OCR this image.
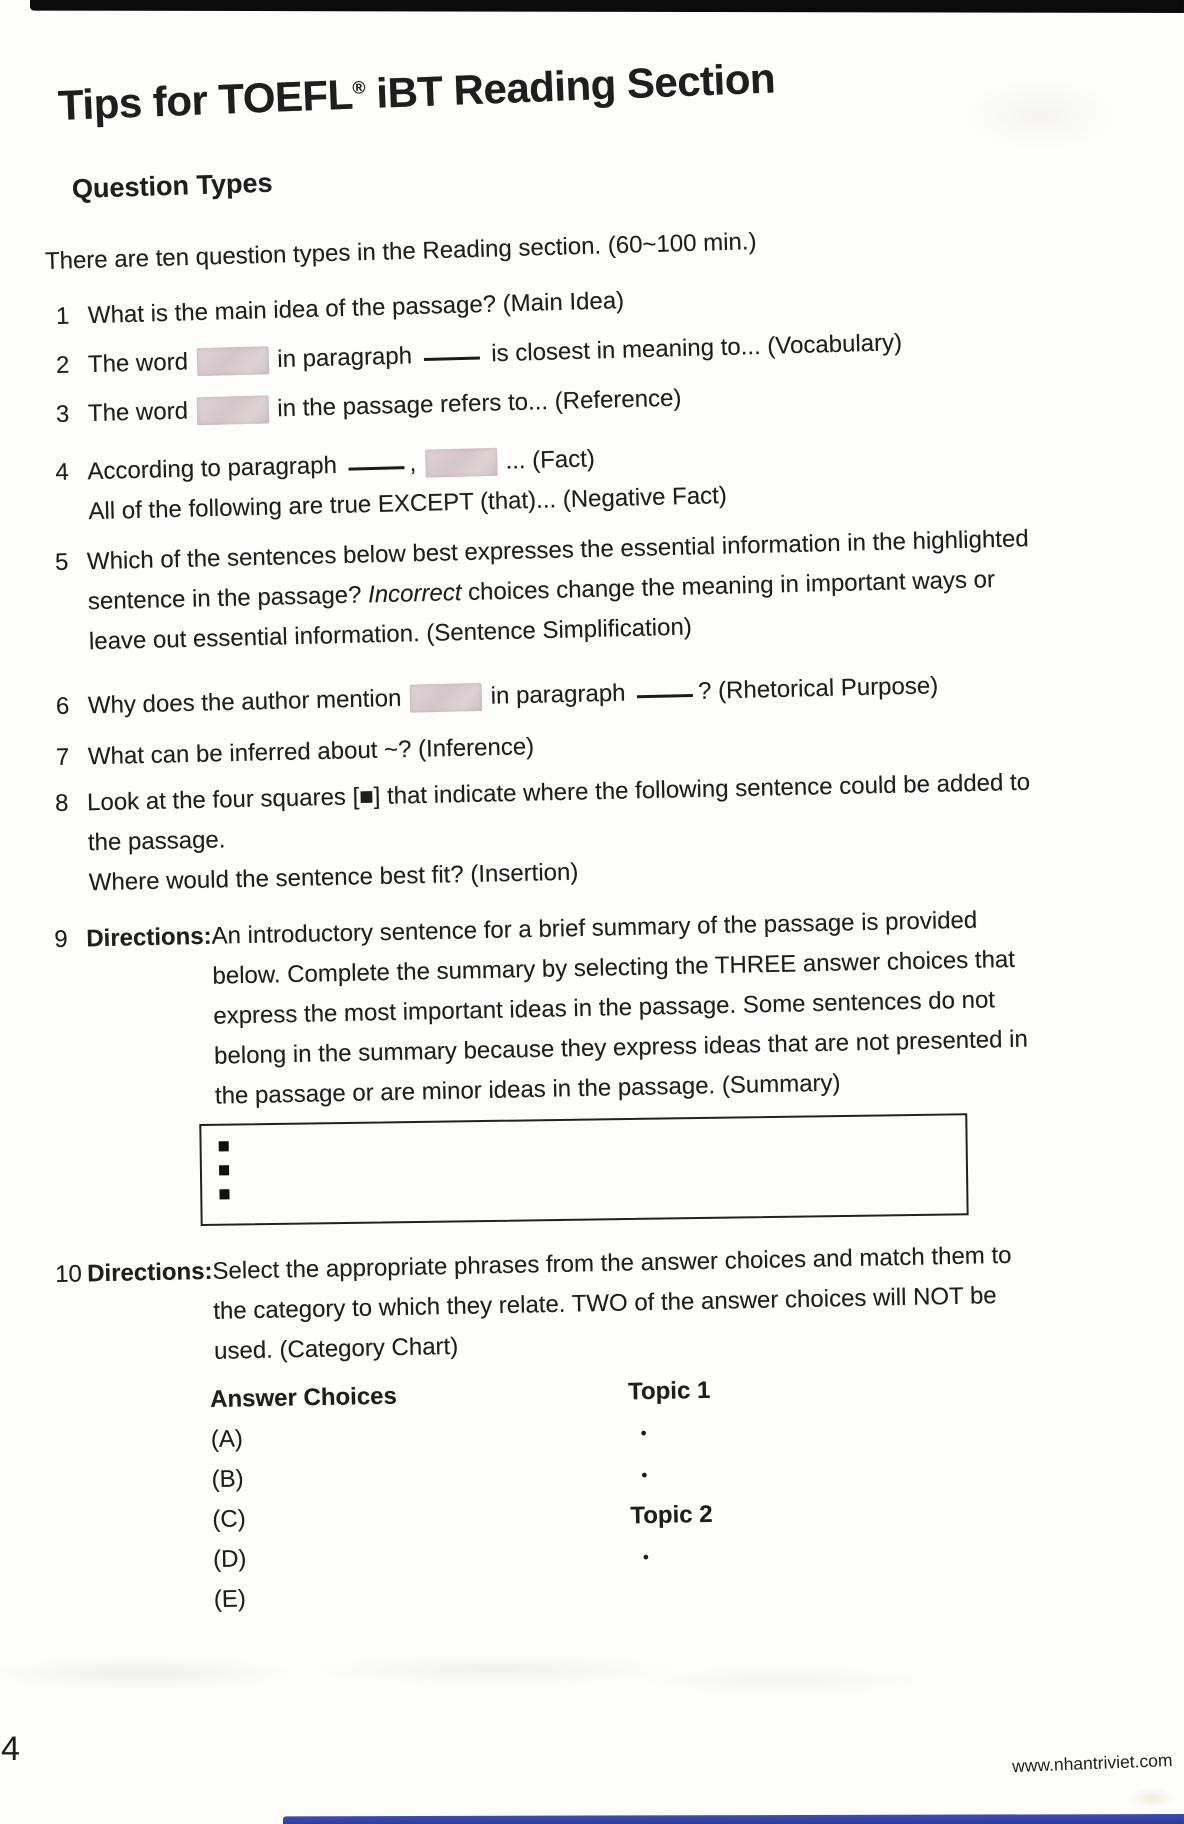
Tips for TOEFL® iBT Reading Section
Question Types

There are ten question types in the Reading section. (60~100 min.)

1 What is the main idea of the passage? (Main Idea)
2 The word	in paragraph	is closest in meaning to... (Vocabulary)
3 The word	in the passage refers to... (Reference)
4 According to paragraph	,	... (Fact)
All of the following are true EXCEPT (that)... (Negative Fact)
5 Which of the sentences below best expresses the essential information in the highlighted
sentence in the passage? Incorrect choices change the meaning in important ways or
leave out essential information. (Sentence Simplification)
6 Why does the author mention	in paragraph	? (Rhetorical Purpose)
7 What can be inferred about ~? (Inference)
8 Look at the four squares [■] that indicate where the following sentence could be added to
the passage.
Where would the sentence best fit? (Insertion)
9 Directions: An introductory sentence for a brief summary of the passage is provided
below. Complete the summary by selecting the THREE answer choices that
express the most important ideas in the passage. Some sentences do not
belong in the summary because they express ideas that are not presented in
the passage or are minor ideas in the passage. (Summary)
■
■
■
10 Directions: Select the appropriate phrases from the answer choices and match them to
the category to which they relate. TWO of the answer choices will NOT be
used. (Category Chart)
Answer Choices
(A)
(B)
(C)
(D)
(E)
Topic 1
•
•
Topic 2
•
4	www.nhantriviet.com
